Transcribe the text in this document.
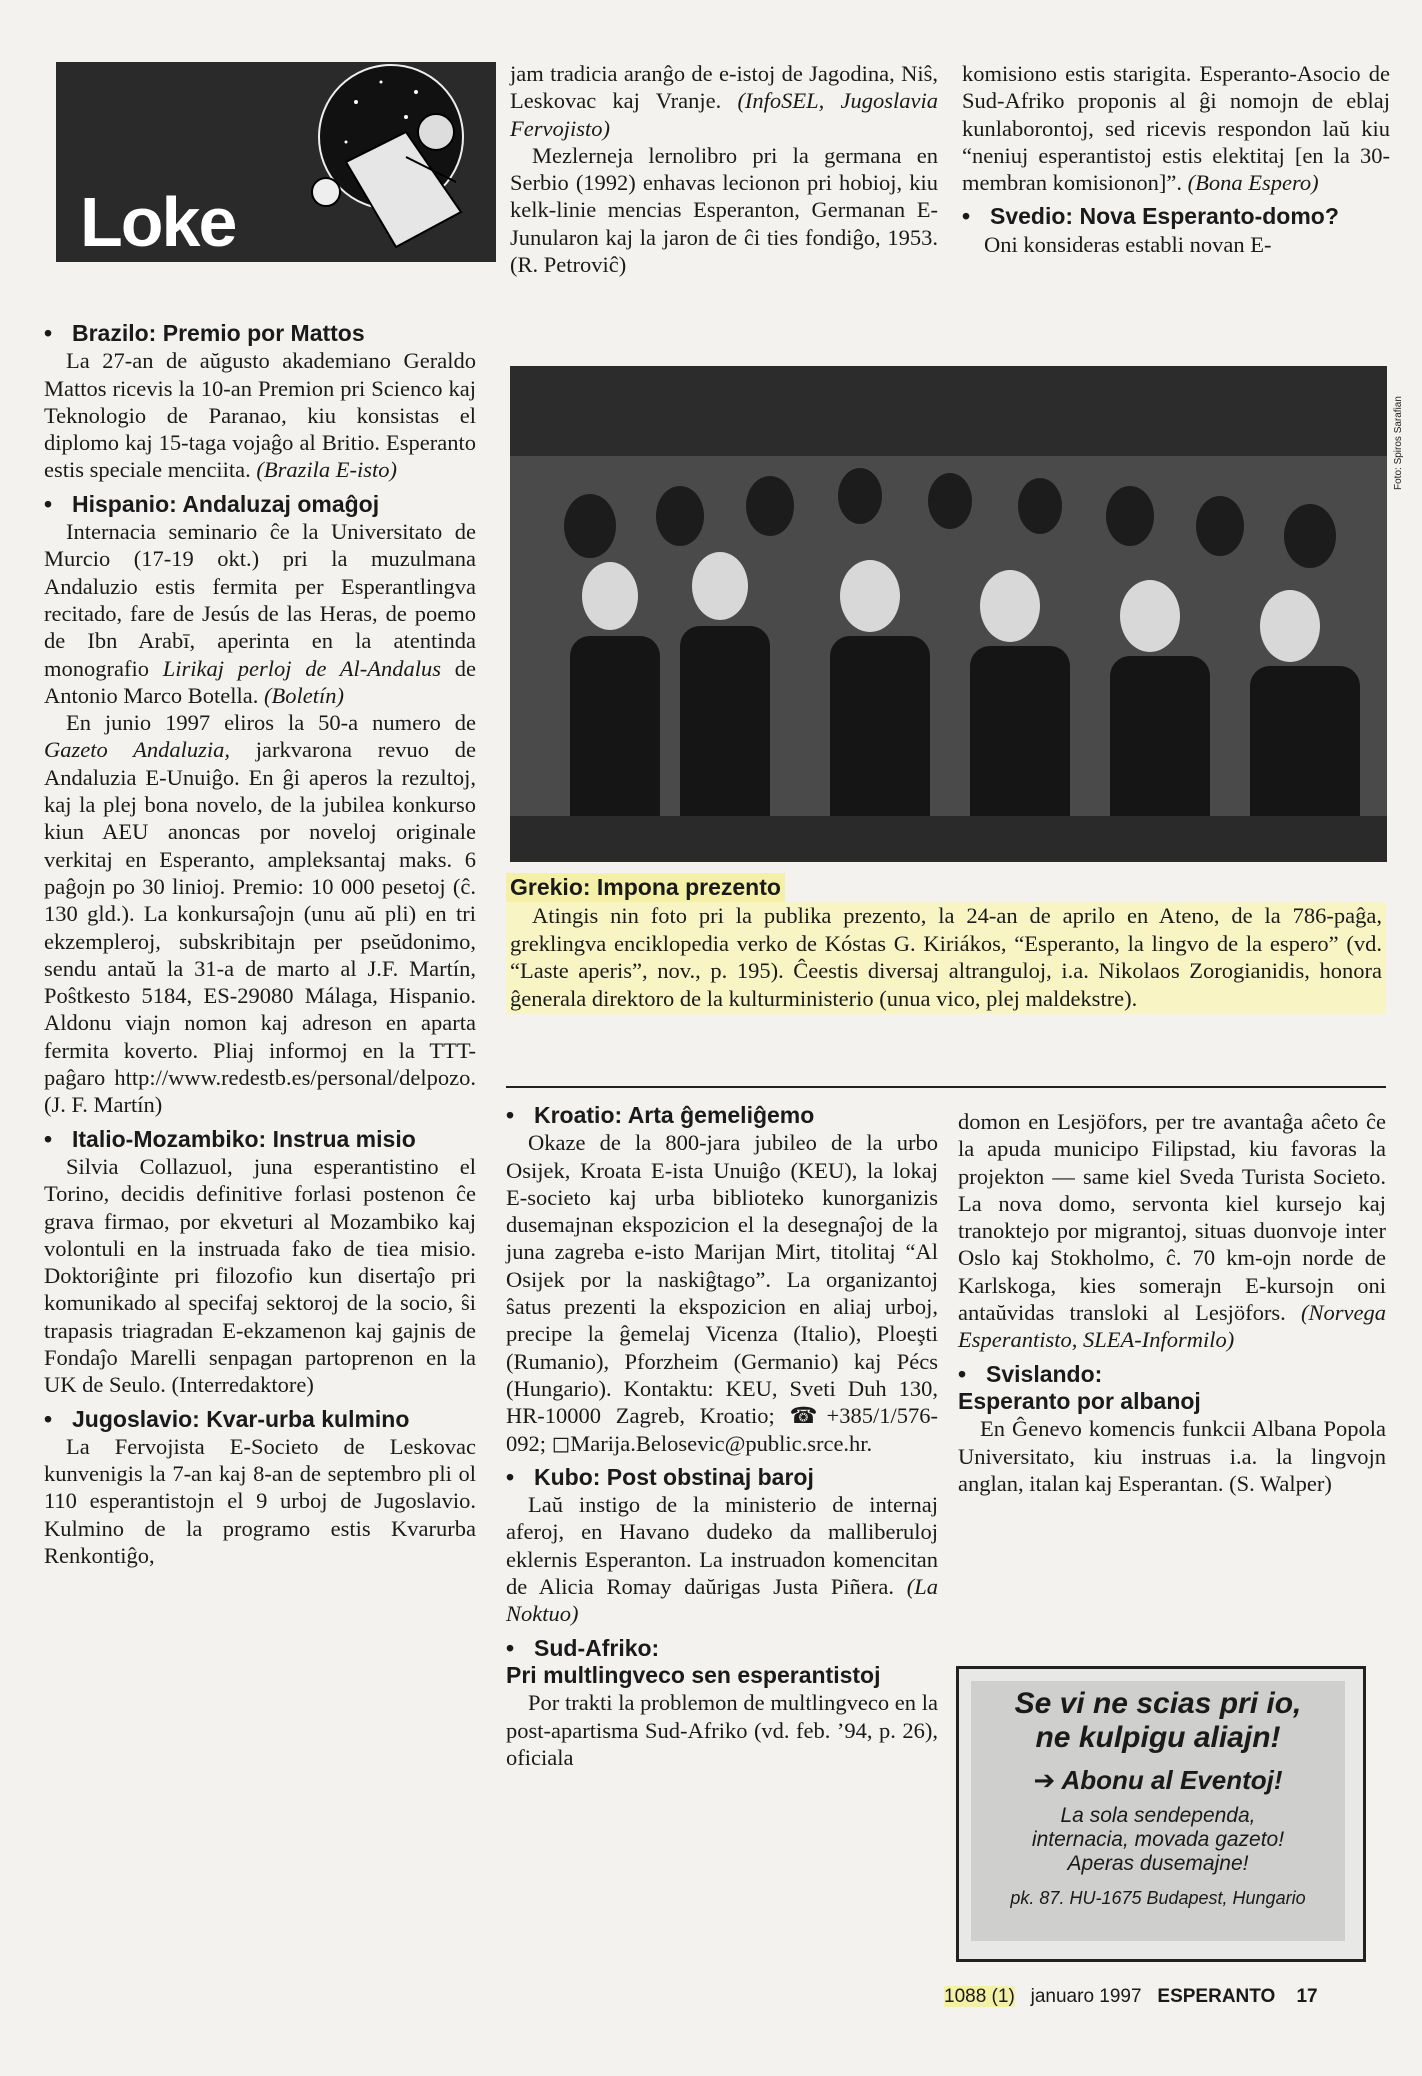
Loke
• Brazilo: Premio por Mattos

La 27-an de aŭgusto akademiano Geraldo Mattos ricevis la 10-an Premion pri Scienco kaj Teknologio de Paranao, kiu konsistas el diplomo kaj 15-taga vojaĝo al Britio. Esperanto estis speciale menciita. (Brazila E-isto)

• Hispanio: Andaluzaj omaĝoj

Internacia seminario ĉe la Universitato de Murcio (17-19 okt.) pri la muzulmana Andaluzio estis fermita per Esperantlingva recitado, fare de Jesús de las Heras, de poemo de Ibn Arabī, aperinta en la atentinda monografio Lirikaj perloj de Al-Andalus de Antonio Marco Botella. (Boletín)

En junio 1997 eliros la 50-a numero de Gazeto Andaluzia, jarkvarona revuo de Andaluzia E-Unuiĝo. En ĝi aperos la rezultoj, kaj la plej bona novelo, de la jubilea konkurso kiun AEU anoncas por noveloj originale verkitaj en Esperanto, ampleksantaj maks. 6 paĝojn po 30 linioj. Premio: 10 000 pesetoj (ĉ. 130 gld.). La konkursaĵojn (unu aŭ pli) en tri ekzempleroj, subskribitajn per pseŭdonimo, sendu antaŭ la 31-a de marto al J.F. Martín, Poŝtkesto 5184, ES-29080 Málaga, Hispanio. Aldonu viajn nomon kaj adreson en aparta fermita koverto. Pliaj informoj en la TTT-paĝaro http://www.redestb.es/personal/delpozo. (J. F. Martín)

• Italio-Mozambiko: Instrua misio

Silvia Collazuol, juna esperantistino el Torino, decidis definitive forlasi postenon ĉe grava firmao, por ekveturi al Mozambiko kaj volontuli en la instruada fako de tiea misio. Doktoriĝinte pri filozofio kun disertaĵo pri komunikado al specifaj sektoroj de la socio, ŝi trapasis triagradan E-ekzamenon kaj gajnis de Fondaĵo Marelli senpagan partoprenon en la UK de Seulo. (Interredaktore)

• Jugoslavio: Kvar-urba kulmino

La Fervojista E-Societo de Leskovac kunvenigis la 7-an kaj 8-an de septembro pli ol 110 esperantistojn el 9 urboj de Jugoslavio. Kulmino de la programo estis Kvarurba Renkontiĝo,

jam tradicia aranĝo de e-istoj de Jagodina, Niŝ, Leskovac kaj Vranje. (InfoSEL, Jugoslavia Fervojisto)

Mezlerneja lernolibro pri la germana en Serbio (1992) enhavas lecionon pri hobioj, kiu kelk-linie mencias Esperanton, Germanan E-Junularon kaj la jaron de ĉi ties fondiĝo, 1953. (R. Petroviĉ)

komisiono estis starigita. Esperanto-Asocio de Sud-Afriko proponis al ĝi nomojn de eblaj kunlaborontoj, sed ricevis respondon laŭ kiu “neniuj esperantistoj estis elektitaj [en la 30-membran komisionon]”. (Bona Espero)

• Svedio: Nova Esperanto-domo?

Oni konsideras establi novan E-

Foto: Spiros Sarafian
Grekio: Impona prezento

Atingis nin foto pri la publika prezento, la 24-an de aprilo en Ateno, de la 786-paĝa, greklingva enciklopedia verko de Kóstas G. Kiriákos, “Esperanto, la lingvo de la espero” (vd. “Laste aperis”, nov., p. 195). Ĉeestis diversaj altranguloj, i.a. Nikolaos Zorogianidis, honora ĝenerala direktoro de la kulturministerio (unua vico, plej maldekstre).

• Kroatio: Arta ĝemeliĝemo

Okaze de la 800-jara jubileo de la urbo Osijek, Kroata E-ista Unuiĝo (KEU), la lokaj E-societo kaj urba biblioteko kunorganizis dusemajnan ekspozicion el la desegnaĵoj de la juna zagreba e-isto Marijan Mirt, titolitaj “Al Osijek por la naskiĝtago”. La organizantoj ŝatus prezenti la ekspozicion en aliaj urboj, precipe la ĝemelaj Vicenza (Italio), Ploeşti (Rumanio), Pforzheim (Germanio) kaj Pécs (Hungario). Kontaktu: KEU, Sveti Duh 130, HR-10000 Zagreb, Kroatio; ☎+385/1/576-092; ◻Marija.Belosevic@public.srce.hr.

• Kubo: Post obstinaj baroj

Laŭ instigo de la ministerio de internaj aferoj, en Havano dudeko da malliberuloj eklernis Esperanton. La instruadon komencitan de Alicia Romay daŭrigas Justa Piñera. (La Noktuo)

• Sud-Afriko:
Pri multlingveco sen esperantistoj

Por trakti la problemon de multlingveco en la post-apartisma Sud-Afriko (vd. feb. ’94, p. 26), oficiala

domon en Lesjöfors, per tre avantaĝa aĉeto ĉe la apuda municipo Filipstad, kiu favoras la projekton — same kiel Sveda Turista Societo. La nova domo, servonta kiel kursejo kaj tranoktejo por migrantoj, situas duonvoje inter Oslo kaj Stokholmo, ĉ. 70 km-ojn norde de Karlskoga, kies somerajn E-kursojn oni antaŭvidas transloki al Lesjöfors. (Norvega Esperantisto, SLEA-Informilo)

• Svislando:
Esperanto por albanoj

En Ĝenevo komencis funkcii Albana Popola Universitato, kiu instruas i.a. la lingvojn anglan, italan kaj Esperantan. (S. Walper)

Se vi ne scias pri io,
ne kulpigu aliajn!
➔ Abonu al Eventoj!
La sola sendependa,
internacia, movada gazeto!
Aperas dusemajne!
pk. 87. HU-1675 Budapest, Hungario
1088 (1) januaro 1997 ESPERANTO 17
